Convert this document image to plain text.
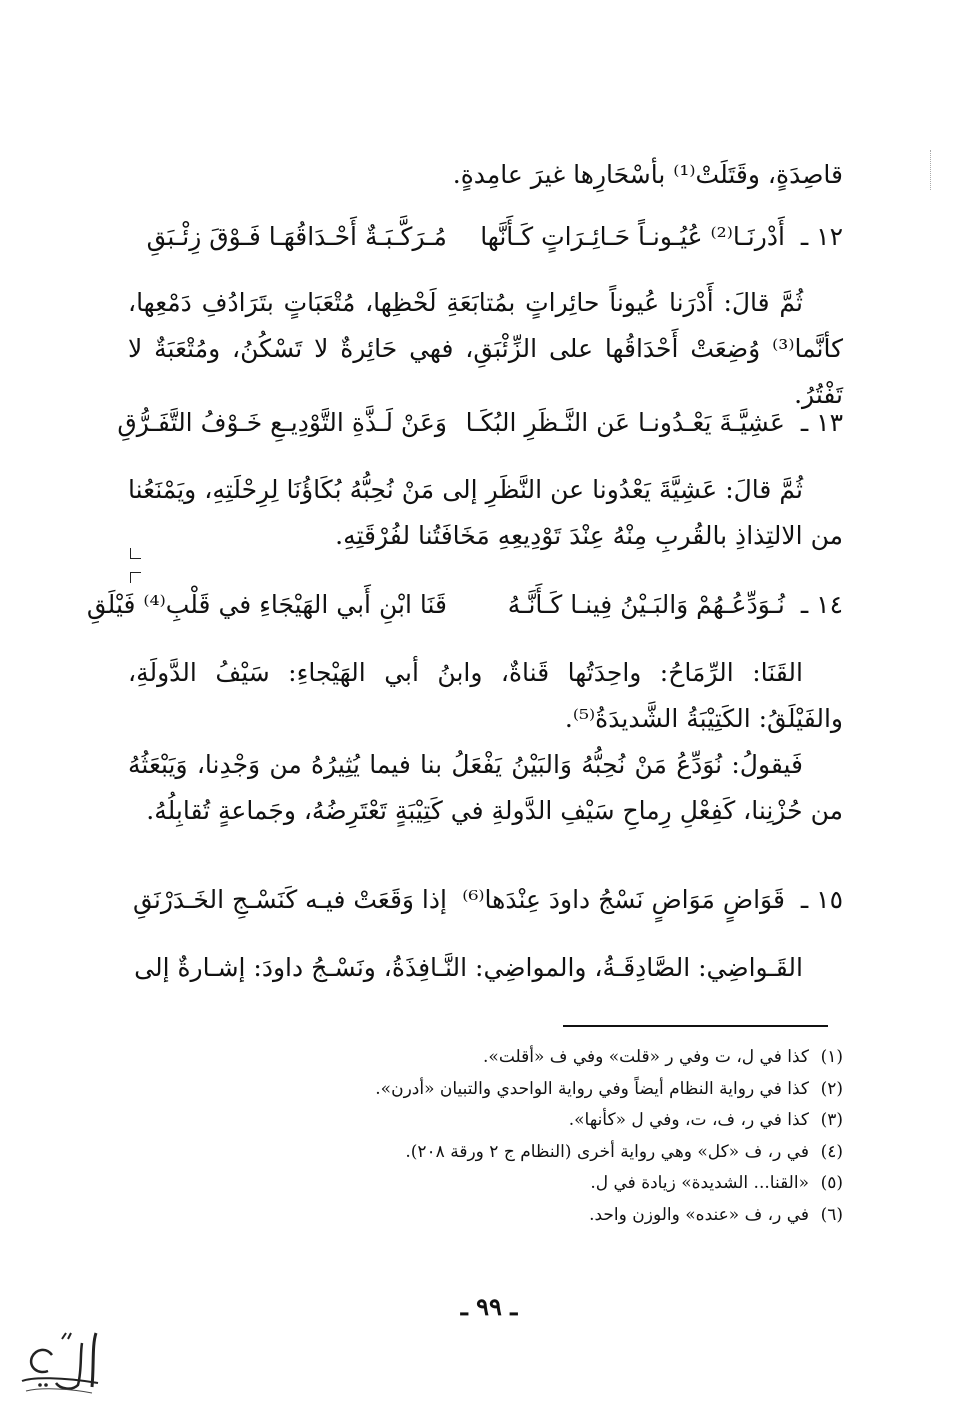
قاصِدَةٍ، وقَتَلَتْ⁽¹⁾ بأسْحَارِها غيرَ عامِدةٍ.
١٢ ـ أَدْرنَـا⁽²⁾ عُيُـونـاً حَـائِـرَاتٍ كَـأَنَّها مُـرَكَّـبَـةٌ أَحْـدَاقُهَـا فَـوْقَ زِئْـبَقِ
ثُمَّ قالَ: أَدْرَنا عُيوناً حائِراتٍ بمُتابَعَةِ لَحْظِها، مُتْعَبَاتٍ بتَرَادُفِ دَمْعِها، كأنَّما⁽³⁾ وُضِعَتْ أَحْدَاقُها على الزِّئْبَقِ، فهي حَائِرةٌ لا تَسْكُنُ، ومُتْعَبَةٌ لا تَفْتُرُ.
١٣ ـ عَشِيَّـةَ يَعْـدُونـا عَن النَّـظَرِ البُكَـا وَعَنْ لَـذَّةِ التَّوْدِيـعِ خَـوْفُ التَّفَـرُّقِ
ثُمَّ قالَ: عَشِيَّةَ يَعْدُونا عن النَّظَرِ إلى مَنْ نُحِبُّهُ بُكَاؤُنَا لِرِحْلَتِهِ، ويَمْنَعُنا من الالتِذاذِ بالقُربِ مِنْهُ عِنْدَ تَوْدِيعِهِ مَخَافَتُنا لفُرْقَتِهِ.
١٤ ـ نُـوَدِّعُـهُمْ وَالبَـيْنُ فِينـا كَـأَنَّـهُ قَنَا ابْنِ أَبي الهَيْجَاءِ في قَلْبِ⁽⁴⁾ فَيْلَقِ
القَنَا: الرِّمَاحُ: واحِدَتُها قَناةٌ، وابنُ أبي الهَيْجاءِ: سَيْفُ الدَّولَةِ، والفَيْلَقُ: الكَتِيْبَةُ الشَّديدَةُ⁽⁵⁾.
فَيقولُ: نُوَدِّعُ مَنْ نُحِبُّهُ وَالبَيْنُ يَفْعَلُ بنا فيما يُثِيرُهُ من وَجْدِنا، وَيَبْعَثُهُ من حُزْنِنا، كَفِعْلِ رِماحِ سَيْفِ الدَّولةِ في كَتِيْبَةٍ تَعْتَرِضُهُ، وجَماعةٍ تُقابِلُهُ.
١٥ ـ قَوَاضٍ مَوَاضٍ نَسْجُ داودَ عِنْدَها⁽⁶⁾ إذا وَقَعَتْ فيـه كَنَسْـجِ الخَـدَرْنَقِ
القَـواضِي: الصَّادِقَـةُ، والمواضِي: النَّـافِذَةُ، ونَسْـجُ داودَ: إشـارةٌ إلى
(١)كذا في ل، ت وفي ر «قلت» وفي ف «أقلت».
(٢)كذا في رواية النظام أيضاً وفي رواية الواحدي والتبيان «أدرن».
(٣)كذا في ر، ف، ت، وفي ل «كأنها».
(٤)في ر، ف «كل» وهي رواية أخرى (النظام ج ٢ ورقة ٢٠٨).
(٥)«القنا... الشديدة» زيادة في ل.
(٦)في ر، ف «عنده» والوزن واحد.
ـ ٩٩ ـ
